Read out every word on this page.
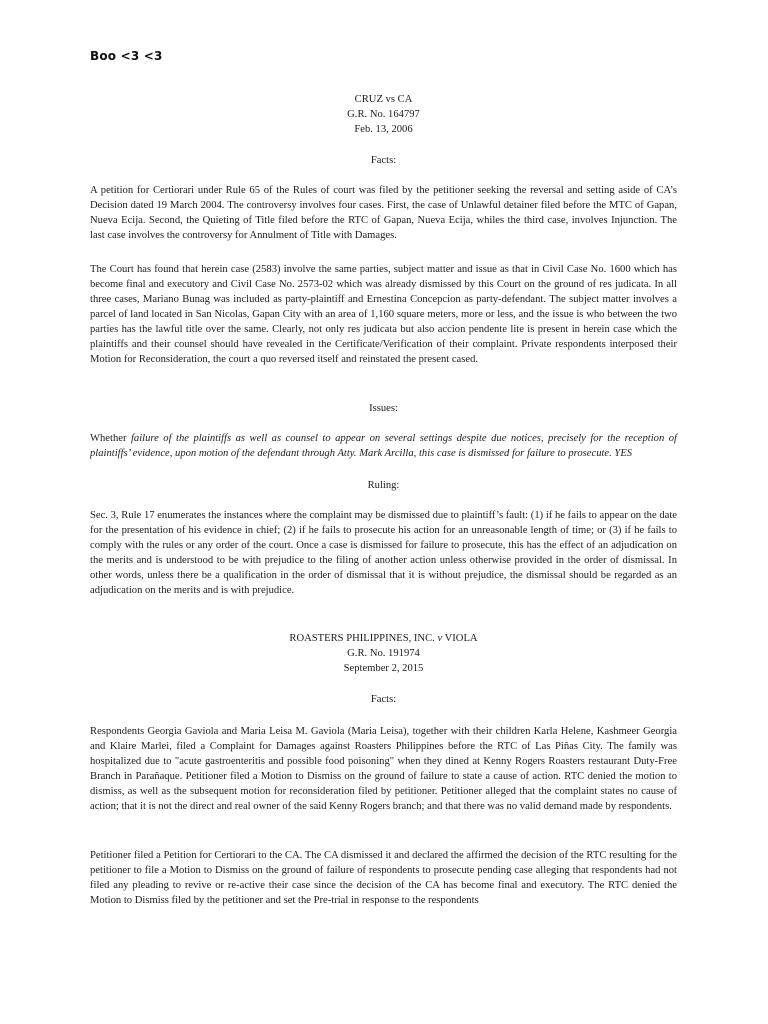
Boo <3 <3
CRUZ vs CA
G.R. No. 164797
Feb. 13, 2006
Facts:
A petition for Certiorari under Rule 65 of the Rules of court was filed by the petitioner seeking the reversal and setting aside of CA’s Decision dated 19 March 2004. The controversy involves four cases. First, the case of Unlawful detainer filed before the MTC of Gapan, Nueva Ecija. Second, the Quieting of Title filed before the RTC of Gapan, Nueva Ecija, whiles the third case, involves Injunction. The last case involves the controversy for Annulment of Title with Damages.
The Court has found that herein case (2583) involve the same parties, subject matter and issue as that in Civil Case No. 1600 which has become final and executory and Civil Case No. 2573-02 which was already dismissed by this Court on the ground of res judicata. In all three cases, Mariano Bunag was included as party-plaintiff and Ernestina Concepcion as party-defendant. The subject matter involves a parcel of land located in San Nicolas, Gapan City with an area of 1,160 square meters, more or less, and the issue is who between the two parties has the lawful title over the same. Clearly, not only res judicata but also accion pendente lite is present in herein case which the plaintiffs and their counsel should have revealed in the Certificate/Verification of their complaint. Private respondents interposed their Motion for Reconsideration, the court a quo reversed itself and reinstated the present cased.
Issues:
Whether failure of the plaintiffs as well as counsel to appear on several settings despite due notices, precisely for the reception of plaintiffs’ evidence, upon motion of the defendant through Atty. Mark Arcilla, this case is dismissed for failure to prosecute. YES
Ruling:
Sec. 3, Rule 17 enumerates the instances where the complaint may be dismissed due to plaintiff’s fault: (1) if he fails to appear on the date for the presentation of his evidence in chief; (2) if he fails to prosecute his action for an unreasonable length of time; or (3) if he fails to comply with the rules or any order of the court. Once a case is dismissed for failure to prosecute, this has the effect of an adjudication on the merits and is understood to be with prejudice to the filing of another action unless otherwise provided in the order of dismissal. In other words, unless there be a qualification in the order of dismissal that it is without prejudice, the dismissal should be regarded as an adjudication on the merits and is with prejudice.
ROASTERS PHILIPPINES, INC. v VIOLA
G.R. No. 191974
September 2, 2015
Facts:
Respondents Georgia Gaviola and Maria Leisa M. Gaviola (Maria Leisa), together with their children Karla Helene, Kashmeer Georgia and Klaire Marlei, filed a Complaint for Damages against Roasters Philippines before the RTC of Las Piñas City. The family was hospitalized due to "acute gastroenteritis and possible food poisoning" when they dined at Kenny Rogers Roasters restaurant Duty-Free Branch in Parañaque. Petitioner filed a Motion to Dismiss on the ground of failure to state a cause of action. RTC denied the motion to dismiss, as well as the subsequent motion for reconsideration filed by petitioner. Petitioner alleged that the complaint states no cause of action; that it is not the direct and real owner of the said Kenny Rogers branch; and that there was no valid demand made by respondents.
Petitioner filed a Petition for Certiorari to the CA. The CA dismissed it and declared the affirmed the decision of the RTC resulting for the petitioner to file a Motion to Dismiss on the ground of failure of respondents to prosecute pending case alleging that respondents had not filed any pleading to revive or re-active their case since the decision of the CA has become final and executory. The RTC denied the Motion to Dismiss filed by the petitioner and set the Pre-trial in response to the respondents
